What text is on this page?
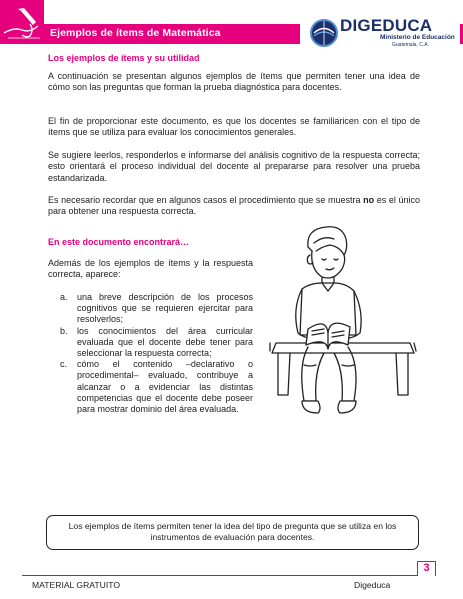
Ejemplos de ítems de Matemática	DIGEDUCA
Ministerio de Educación
Guatemala, C.A.
Los ejemplos de ítems y su utilidad

A continuación se presentan algunos ejemplos de ítems que permiten tener una idea de cómo son las preguntas que forman la prueba diagnóstica para docentes.

El fin de proporcionar este documento, es que los docentes se familiaricen con el tipo de ítems que se utiliza para evaluar los conocimientos generales.

Se sugiere leerlos, responderlos e informarse del análisis cognitivo de la respuesta correcta; esto orientará el proceso individual del docente al prepararse para resolver una prueba estandarizada.

Es necesario recordar que en algunos casos el procedimiento que se muestra no es el único para obtener una respuesta correcta.

En este documento encontrará…

Además de los ejemplos de ítems y la respuesta correcta, aparece:

a. una breve descripción de los procesos cognitivos que se requieren ejercitar para resolverlos;
b. los conocimientos del área curricular evaluada que el docente debe tener para seleccionar la respuesta correcta;
c. cómo el contenido –declarativo o procedimental– evaluado, contribuye a alcanzar o a evidenciar las distintas competencias que el docente debe poseer para mostrar dominio del área evaluada.
Los ejemplos de ítems permiten tener la idea del tipo de pregunta que se utiliza en los instrumentos de evaluación para docentes.
3
MATERIAL GRATUITO	Digeduca
